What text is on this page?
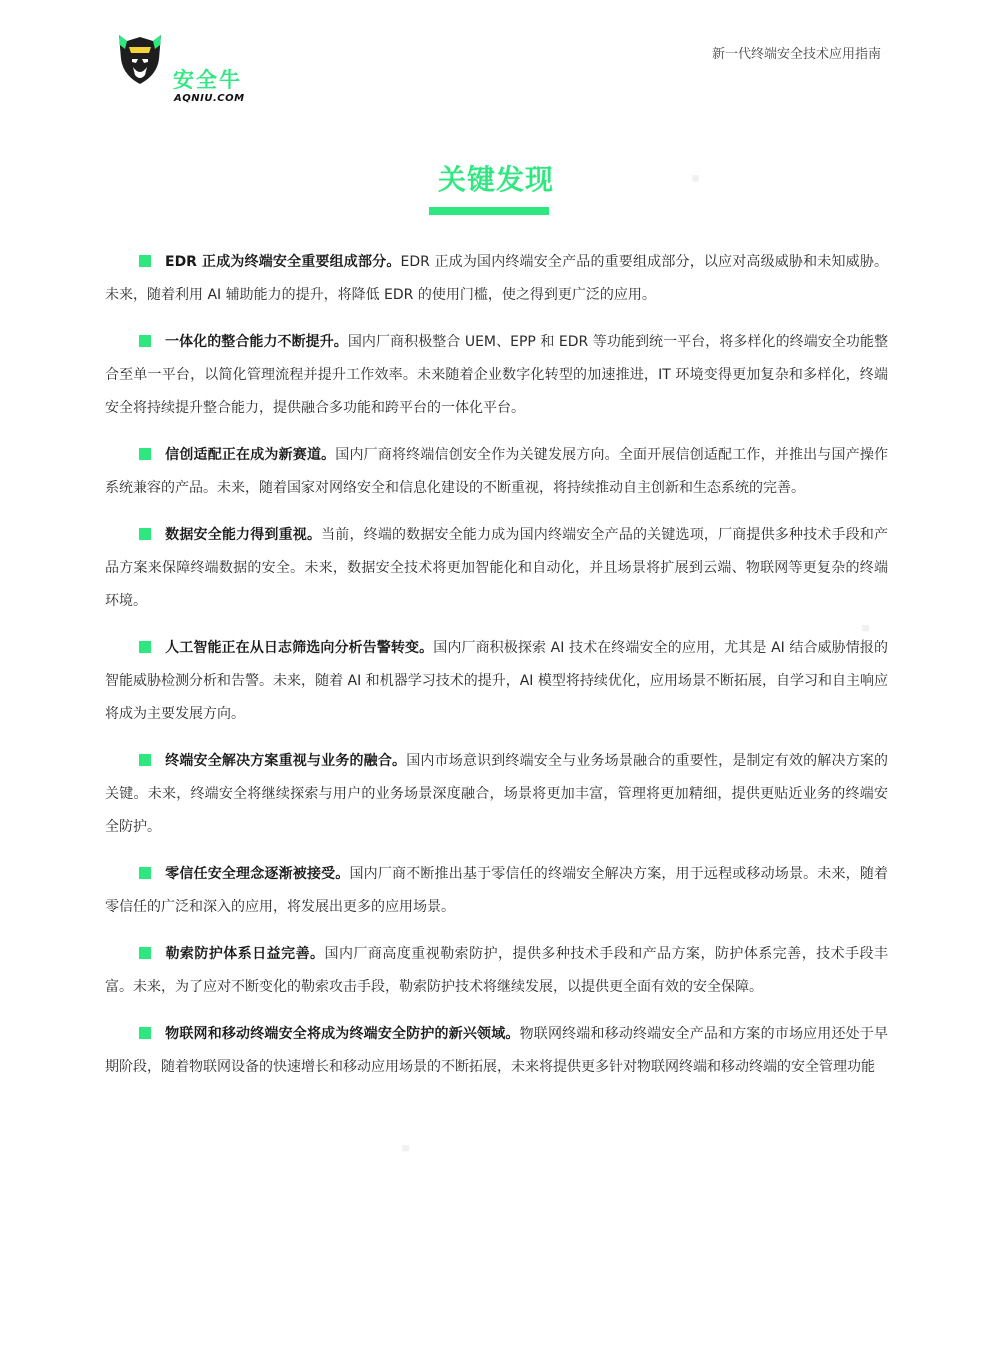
◆
◆
◆
安全牛
AQNIU.COM
新一代终端安全技术应用指南
关键发现

EDR 正成为终端安全重要组成部分。EDR 正成为国内终端安全产品的重要组成部分，以应对高级威胁和未知威胁。未来，随着利用 AI 辅助能力的提升，将降低 EDR 的使用门槛，使之得到更广泛的应用。

一体化的整合能力不断提升。国内厂商积极整合 UEM、EPP 和 EDR 等功能到统一平台，将多样化的终端安全功能整合至单一平台，以简化管理流程并提升工作效率。未来随着企业数字化转型的加速推进，IT 环境变得更加复杂和多样化，终端安全将持续提升整合能力，提供融合多功能和跨平台的一体化平台。

信创适配正在成为新赛道。国内厂商将终端信创安全作为关键发展方向。全面开展信创适配工作，并推出与国产操作系统兼容的产品。未来，随着国家对网络安全和信息化建设的不断重视，将持续推动自主创新和生态系统的完善。

数据安全能力得到重视。当前，终端的数据安全能力成为国内终端安全产品的关键选项，厂商提供多种技术手段和产品方案来保障终端数据的安全。未来，数据安全技术将更加智能化和自动化，并且场景将扩展到云端、物联网等更复杂的终端环境。

人工智能正在从日志筛选向分析告警转变。国内厂商积极探索 AI 技术在终端安全的应用，尤其是 AI 结合威胁情报的智能威胁检测分析和告警。未来，随着 AI 和机器学习技术的提升，AI 模型将持续优化，应用场景不断拓展，自学习和自主响应将成为主要发展方向。

终端安全解决方案重视与业务的融合。国内市场意识到终端安全与业务场景融合的重要性，是制定有效的解决方案的关键。未来，终端安全将继续探索与用户的业务场景深度融合，场景将更加丰富，管理将更加精细，提供更贴近业务的终端安全防护。

零信任安全理念逐渐被接受。国内厂商不断推出基于零信任的终端安全解决方案，用于远程或移动场景。未来，随着零信任的广泛和深入的应用，将发展出更多的应用场景。

勒索防护体系日益完善。国内厂商高度重视勒索防护，提供多种技术手段和产品方案，防护体系完善，技术手段丰富。未来，为了应对不断变化的勒索攻击手段，勒索防护技术将继续发展，以提供更全面有效的安全保障。

物联网和移动终端安全将成为终端安全防护的新兴领域。物联网终端和移动终端安全产品和方案的市场应用还处于早期阶段，随着物联网设备的快速增长和移动应用场景的不断拓展，未来将提供更多针对物联网终端和移动终端的安全管理功能
